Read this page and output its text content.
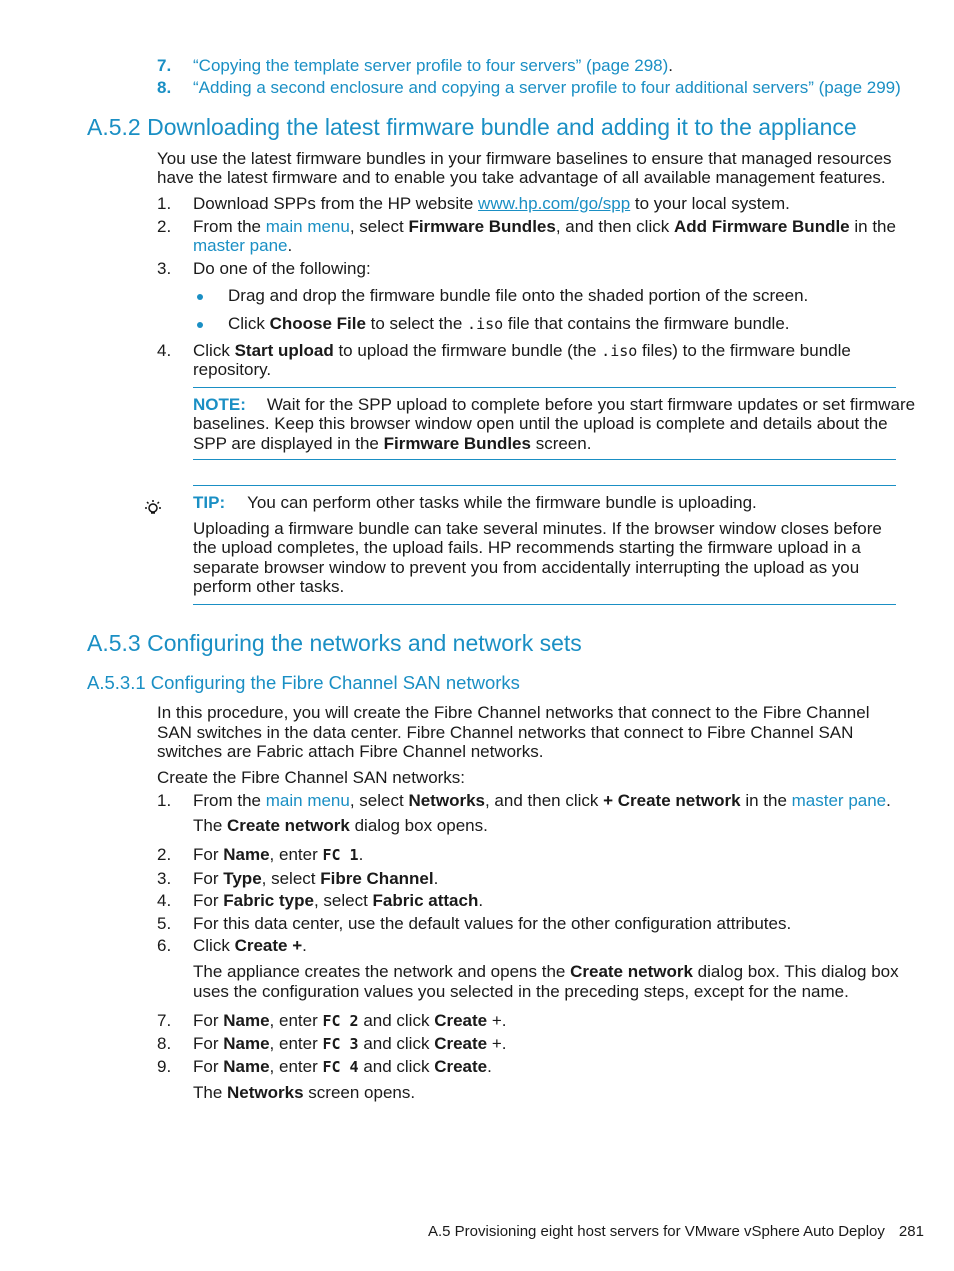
7. “Copying the template server profile to four servers” (page 298).
8. “Adding a second enclosure and copying a server profile to four additional servers” (page 299)
A.5.2 Downloading the latest firmware bundle and adding it to the appliance
You use the latest firmware bundles in your firmware baselines to ensure that managed resources
have the latest firmware and to enable you take advantage of all available management features.
1. Download SPPs from the HP website www.hp.com/go/spp to your local system.
2. From the main menu, select Firmware Bundles, and then click Add Firmware Bundle in the
master pane.
3. Do one of the following:
Drag and drop the firmware bundle file onto the shaded portion of the screen.
Click Choose File to select the .iso file that contains the firmware bundle.
4. Click Start upload to upload the firmware bundle (the .iso files) to the firmware bundle
repository.
NOTE: Wait for the SPP upload to complete before you start firmware updates or set firmware
baselines. Keep this browser window open until the upload is complete and details about the
SPP are displayed in the Firmware Bundles screen.
TIP: You can perform other tasks while the firmware bundle is uploading.
Uploading a firmware bundle can take several minutes. If the browser window closes before
the upload completes, the upload fails. HP recommends starting the firmware upload in a
separate browser window to prevent you from accidentally interrupting the upload as you
perform other tasks.
A.5.3 Configuring the networks and network sets
A.5.3.1 Configuring the Fibre Channel SAN networks
In this procedure, you will create the Fibre Channel networks that connect to the Fibre Channel
SAN switches in the data center. Fibre Channel networks that connect to Fibre Channel SAN
switches are Fabric attach Fibre Channel networks.
Create the Fibre Channel SAN networks:
1. From the main menu, select Networks, and then click + Create network in the master pane.
The Create network dialog box opens.
2. For Name, enter FC 1.
3. For Type, select Fibre Channel.
4. For Fabric type, select Fabric attach.
5. For this data center, use the default values for the other configuration attributes.
6. Click Create +.
The appliance creates the network and opens the Create network dialog box. This dialog box
uses the configuration values you selected in the preceding steps, except for the name.
7. For Name, enter FC 2 and click Create +.
8. For Name, enter FC 3 and click Create +.
9. For Name, enter FC 4 and click Create.
The Networks screen opens.
A.5 Provisioning eight host servers for VMware vSphere Auto Deploy 281
